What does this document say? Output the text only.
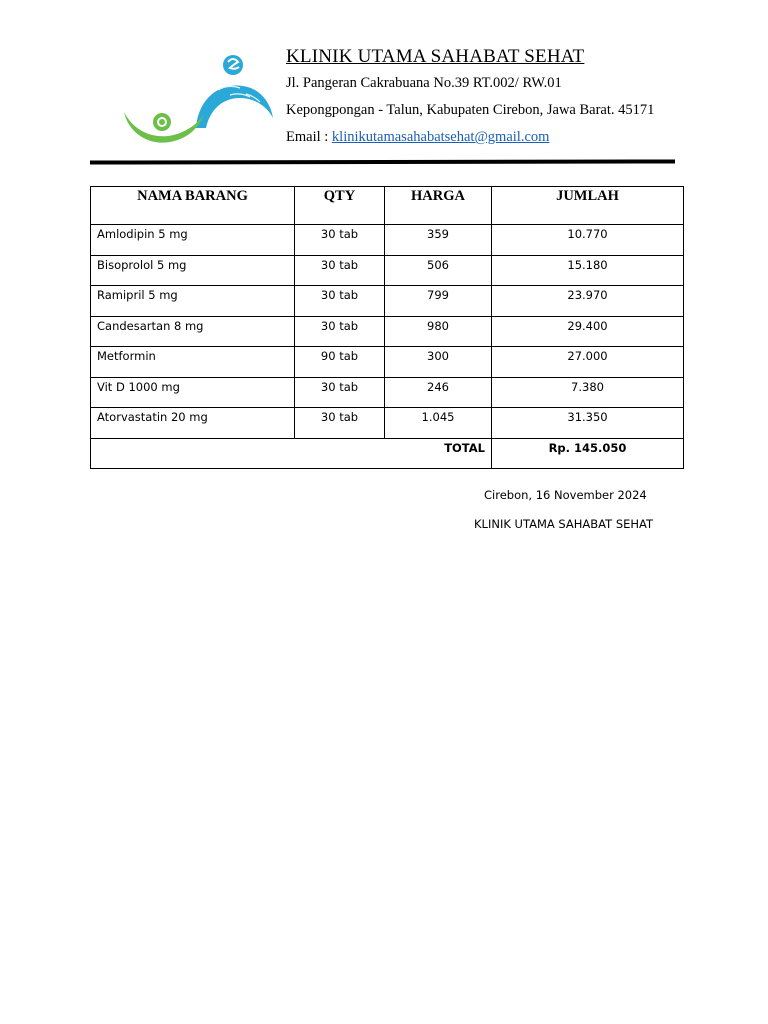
KLINIK UTAMA SAHABAT SEHAT
Jl. Pangeran Cakrabuana No.39 RT.002/ RW.01
Kepongpongan - Talun, Kabupaten Cirebon, Jawa Barat. 45171
Email : klinikutamasahabatsehat@gmail.com
NAMA BARANG	QTY	HARGA	JUMLAH
Amlodipin 5 mg	30 tab	359	10.770
Bisoprolol 5 mg	30 tab	506	15.180
Ramipril 5 mg	30 tab	799	23.970
Candesartan 8 mg	30 tab	980	29.400
Metformin	90 tab	300	27.000
Vit D 1000 mg	30 tab	246	7.380
Atorvastatin 20 mg	30 tab	1.045	31.350
TOTAL			Rp. 145.050
Cirebon, 16 November 2024
KLINIK UTAMA SAHABAT SEHAT
